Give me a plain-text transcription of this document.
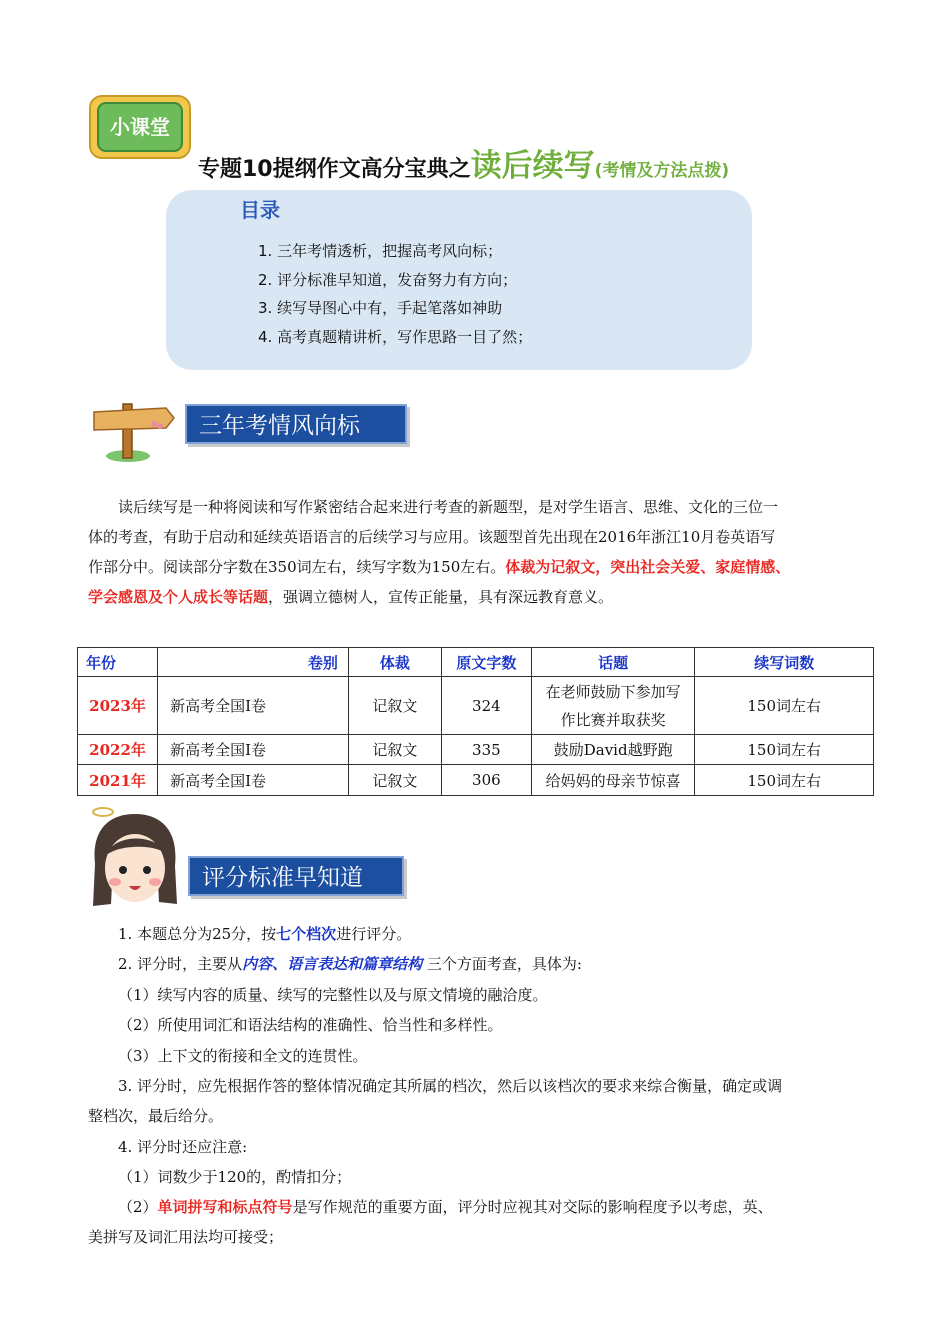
小课堂
专题10提纲作文高分宝典之读后续写(考情及方法点拨)
目录
1. 三年考情透析，把握高考风向标；
2. 评分标准早知道，发奋努力有方向；
3. 续写导图心中有，手起笔落如神助
4. 高考真题精讲析，写作思路一目了然；
三年考情风向标
读后续写是一种将阅读和写作紧密结合起来进行考查的新题型，是对学生语言、思维、文化的三位一
体的考查，有助于启动和延续英语语言的后续学习与应用。该题型首先出现在2016年浙江10月卷英语写
作部分中。阅读部分字数在350词左右，续写字数为150左右。体裁为记叙文，突出社会关爱、家庭情感、
学会感恩及个人成长等话题，强调立德树人，宣传正能量，具有深远教育意义。
年份	卷别	体裁	原文字数	话题	续写词数
2023年	新高考全国I卷	记叙文	324	在老师鼓励下参加写
作比赛并取获奖	150词左右
2022年	新高考全国I卷	记叙文	335	鼓励David越野跑	150词左右
2021年	新高考全国I卷	记叙文	306	给妈妈的母亲节惊喜	150词左右
评分标准早知道
1. 本题总分为25分，按七个档次进行评分。
2. 评分时，主要从内容、语言表达和篇章结构 三个方面考查，具体为:
（1）续写内容的质量、续写的完整性以及与原文情境的融洽度。
（2）所使用词汇和语法结构的准确性、恰当性和多样性。
（3）上下文的衔接和全文的连贯性。
3. 评分时，应先根据作答的整体情况确定其所属的档次，然后以该档次的要求来综合衡量，确定或调
整档次，最后给分。
4. 评分时还应注意:
（1）词数少于120的，酌情扣分；
（2）单词拼写和标点符号是写作规范的重要方面，评分时应视其对交际的影响程度予以考虑，英、
美拼写及词汇用法均可接受；
